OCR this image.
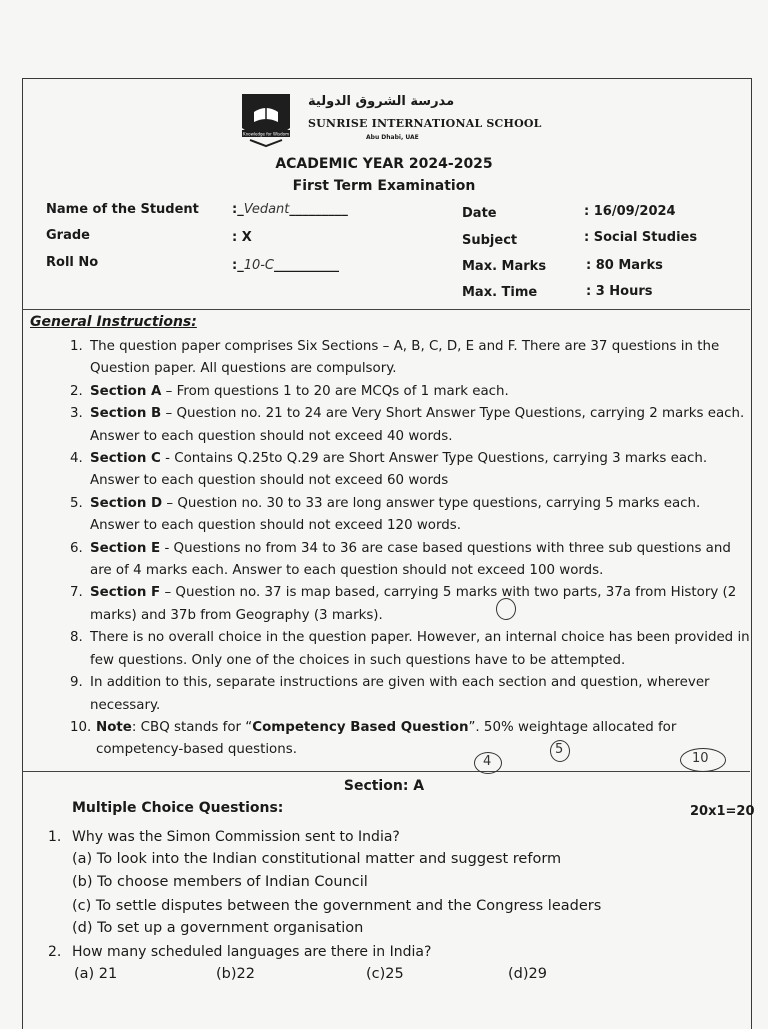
Knowledge for Wisdom
مدرسة الشروق الدولية
SUNRISE INTERNATIONAL SCHOOL
Abu Dhabi, UAE
ACADEMIC YEAR 2024-2025
First Term Examination
Name of the Student	:_Vedant_________
Grade	: X
Roll No	:_10-C__________
Date	: 16/09/2024
Subject	: Social Studies
Max. Marks	: 80 Marks
Max. Time	: 3 Hours
General Instructions:
1. The question paper comprises Six Sections – A, B, C, D, E and F. There are 37 questions in the Question paper. All questions are compulsory.
2. Section A – From questions 1 to 20 are MCQs of 1 mark each.
3. Section B – Question no. 21 to 24 are Very Short Answer Type Questions, carrying 2 marks each. Answer to each question should not exceed 40 words.
4. Section C - Contains Q.25to Q.29 are Short Answer Type Questions, carrying 3 marks each. Answer to each question should not exceed 60 words
5. Section D – Question no. 30 to 33 are long answer type questions, carrying 5 marks each. Answer to each question should not exceed 120 words.
6. Section E - Questions no from 34 to 36 are case based questions with three sub questions and are of 4 marks each. Answer to each question should not exceed 100 words.
7. Section F – Question no. 37 is map based, carrying 5 marks with two parts, 37a from History (2 marks) and 37b from Geography (3 marks).
8. There is no overall choice in the question paper. However, an internal choice has been provided in few questions. Only one of the choices in such questions have to be attempted.
9. In addition to this, separate instructions are given with each section and question, wherever necessary.
10. Note: CBQ stands for “Competency Based Question”. 50% weightage allocated for competency-based questions.
4
5
10
Section: A
Multiple Choice Questions:	20x1=20
1. Why was the Simon Commission sent to India?
(a) To look into the Indian constitutional matter and suggest reform
(b) To choose members of Indian Council
(c) To settle disputes between the government and the Congress leaders
(d) To set up a government organisation
2. How many scheduled languages are there in India?
(a) 21	(b)22	(c)25	(d)29
